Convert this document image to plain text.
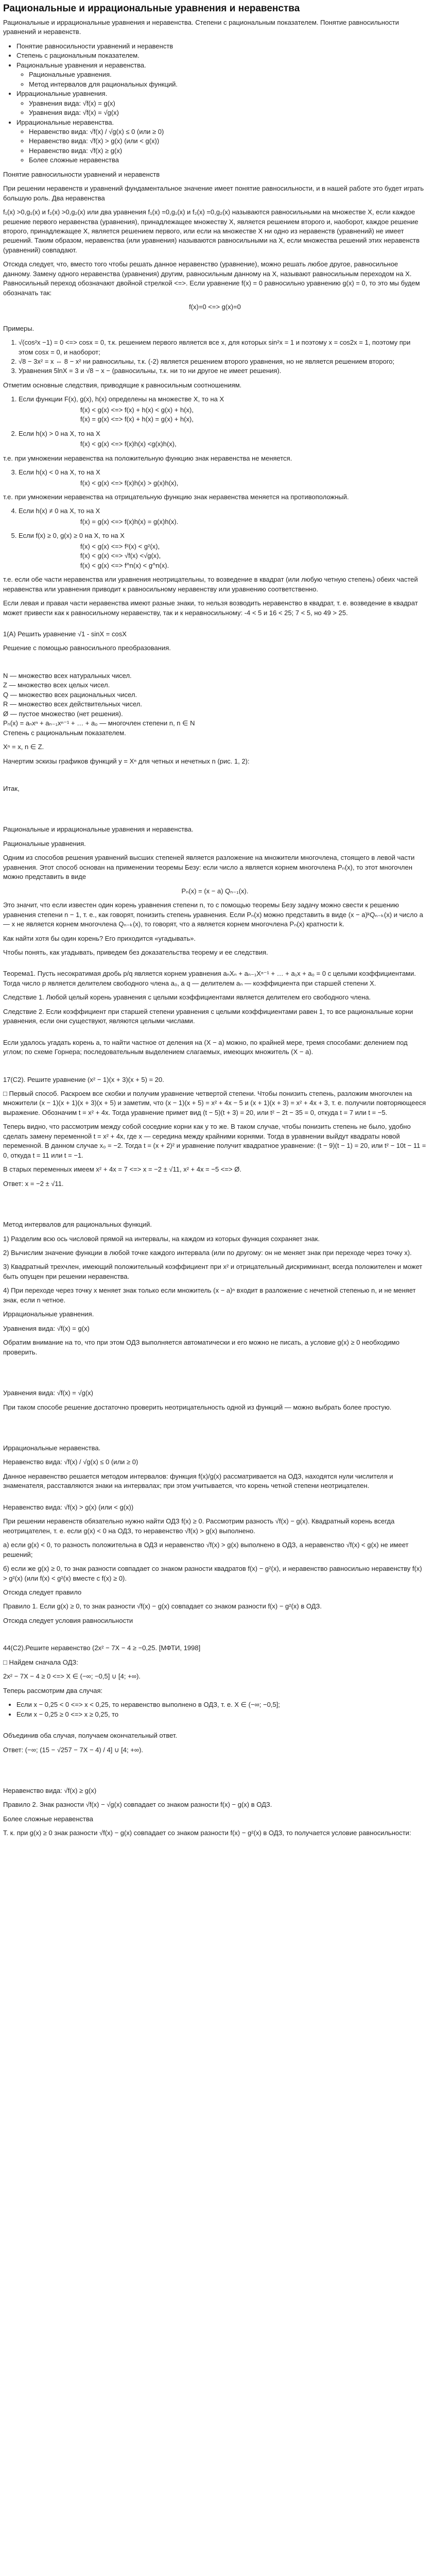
Рациональные и иррациональные уравнения и неравенства

Рациональные и иррациональные уравнения и неравенства. Степени с рациональным показателем. Понятие равносильности уравнений и неравенств.

• Понятие равносильности уравнений и неравенств
• Степень с рациональным показателем.
• Рациональные уравнения и неравенства.
◦ Рациональные уравнения.
◦ Метод интервалов для рациональных функций.
• Иррациональные уравнения.
◦ Уравнения вида: √f(x) = g(x)
◦ Уравнения вида: √f(x) = √g(x)
• Иррациональные неравенства.
◦ Неравенство вида: √f(x) / √g(x) ≤ 0 (или ≥ 0)
◦ Неравенство вида: √f(x) > g(x) (или < g(x))
◦ Неравенство вида: √f(x) ≥ g(x)
◦ Более сложные неравенства

Понятие равносильности уравнений и неравенств

При решении неравенств и уравнений фундаментальное значение имеет понятие равносильности, и в нашей работе это будет играть большую роль. Два неравенства

f₁(x) >0,g₁(x) и f₂(x) >0,g₂(x) или два уравнения f₁(x) =0,g₁(x) и f₂(x) =0,g₂(x) называются равносильными на множестве X, если каждое решение первого неравенства (уравнения), принадлежащее множеству X, является решением второго и, наоборот, каждое решение второго, принадлежащее X, является решением первого, или если на множестве X ни одно из неравенств (уравнений) не имеет решений. Таким образом, неравенства (или уравнения) называются равносильными на X, если множества решений этих неравенств (уравнений) совпадают.

Отсюда следует, что, вместо того чтобы решать данное неравенство (уравнение), можно решать любое другое, равносильное данному. Замену одного неравенства (уравнения) другим, равносильным данному на X, называют равносильным переходом на X. Равносильный переход обозначают двойной стрелкой <=>. Если уравнение f(x) = 0 равносильно уравнению g(x) = 0, то это мы будем обозначать так:

f(x)=0 <=> g(x)=0

Примеры.

1. √(cos²x −1) = 0 <=> cosx = 0, т.к. решением первого является все x, для которых sin²x = 1 и поэтому x = cos2x = 1, поэтому при этом cosx = 0, и наоборот;
2. √8 − 3x² = x ⇔ 8 − x² ни равносильны, т.к. (-2) является решением второго уравнения, но не является решением второго;
3. Уравнения 5lnX = 3 и √8 − x − (равносильны, т.к. ни то ни другое не имеет решения).

Отметим основные следствия, приводящие к равносильным соотношениям.

1. Если функции F(x), g(x), h(x) определены на множестве X, то на X
f(x) < g(x) <=> f(x) + h(x) < g(x) + h(x),
f(x) = g(x) <=> f(x) + h(x) = g(x) + h(x),
2. Если h(x) > 0 на X, то на X
f(x) < g(x) <=> f(x)h(x) <g(x)h(x),

т.е. при умножении неравенства на положительную функцию знак неравенства не меняется.

3. Если h(x) < 0 на X, то на X
f(x) < g(x) <=> f(x)h(x) > g(x)h(x),

т.е. при умножении неравенства на отрицательную функцию знак неравенства меняется на противоположный.

4. Если h(x) ≠ 0 на X, то на X
f(x) = g(x) <=> f(x)h(x) = g(x)h(x).
5. Если f(x) ≥ 0, g(x) ≥ 0 на X, то на X
f(x) < g(x) <=> f²(x) < g²(x),
f(x) < g(x) <=> √f(x) <√g(x),
f(x) < g(x) <=> f^n(x) < g^n(x).

т.е. если обе части неравенства или уравнения неотрицательны, то возведение в квадрат (или любую четную степень) обеих частей неравенства или уравнения приводит к равносильному неравенству или уравнению соответственно.

Если левая и правая части неравенства имеют разные знаки, то нельзя возводить неравенство в квадрат, т. е. возведение в квадрат может привести как к равносильному неравенству, так и к неравносильному: -4 < 5 и 16 < 25; 7 < 5, но 49 > 25.

1(А) Решить уравнение √1 - sinX = cosX

Решение с помощью равносильного преобразования.

N — множество всех натуральных чисел.
Z — множество всех целых чисел.
Q — множество всех рациональных чисел.
R — множество всех действительных чисел.
Ø — пустое множество (нет решения).
Pₙ(x) = aₙxⁿ + aₙ₋₁xⁿ⁻¹ + … + a₀ — многочлен степени n, n ∈ N

Степень с рациональным показателем.

Xⁿ = x, n ∈ Z.

Начертим эскизы графиков функций y = Xⁿ для четных и нечетных n (рис. 1, 2):

Итак,

Рациональные и иррациональные уравнения и неравенства.

Рациональные уравнения.

Одним из способов решения уравнений высших степеней является разложение на множители многочлена, стоящего в левой части уравнения. Этот способ основан на применении теоремы Безу: если число a является корнем многочлена Pₙ(x), то этот многочлен можно представить в виде

Pₙ(x) = (x − a) Qₙ₋₁(x).

Это значит, что если известен один корень уравнения степени n, то с помощью теоремы Безу задачу можно свести к решению уравнения степени n − 1, т. е., как говорят, понизить степень уравнения. Если Pₙ(x) можно представить в виде (x − a)ᵏQₙ₋ₖ(x) и число a — x не является корнем многочлена Qₙ₋ₖ(x), то говорят, что a является корнем многочлена Pₙ(x) кратности k.

Как найти хотя бы один корень? Его приходится «угадывать».

Чтобы понять, как угадывать, приведем без доказательства теорему и ее следствия.

Теорема1. Пусть несократимая дробь p/q является корнем уравнения aₙXₙ + aₙ₋₁Xⁿ⁻¹ + … + a₁x + a₀ = 0 с целыми коэффициентами. Тогда число p является делителем свободного члена a₀, а q — делителем aₙ — коэффициента при старшей степени X.

Следствие 1. Любой целый корень уравнения с целыми коэффициентами является делителем его свободного члена.

Следствие 2. Если коэффициент при старшей степени уравнения с целыми коэффициентами равен 1, то все рациональные корни уравнения, если они существуют, являются целыми числами.

Если удалось угадать корень a, то найти частное от деления на (X − a) можно, по крайней мере, тремя способами: делением под углом; по схеме Горнера; последовательным выделением слагаемых, имеющих множитель (X − a).

17(С2). Решите уравнение (x² − 1)(x + 3)(x + 5) = 20.

□ Первый способ. Раскроем все скобки и получим уравнение четвертой степени. Чтобы понизить степень, разложим многочлен на множители (x − 1)(x + 1)(x + 3)(x + 5) и заметим, что (x − 1)(x + 5) = x² + 4x − 5 и (x + 1)(x + 3) = x² + 4x + 3, т. е. получили повторяющееся выражение. Обозначим t = x² + 4x. Тогда уравнение примет вид (t − 5)(t + 3) = 20, или t² − 2t − 35 = 0, откуда t = 7 или t = −5.

Теперь видно, что рассмотрим между собой соседние корни как у то же. В таком случае, чтобы понизить степень не было, удобно сделать замену переменной t = x² + 4x, где x — середина между крайними корнями. Тогда в уравнении выйдут квадраты новой переменной. В данном случае x₀ = −2. Тогда t = (x + 2)² и уравнение получит квадратное уравнение: (t − 9)(t − 1) = 20, или t² − 10t − 11 = 0, откуда t = 11 или t = −1.

В старых переменных имеем x² + 4x = 7 <=> x = −2 ± √11, x² + 4x = −5 <=> Ø.

Ответ: x = −2 ± √11.

Метод интервалов для рациональных функций.

1) Разделим всю ось числовой прямой на интервалы, на каждом из которых функция сохраняет знак.

2) Вычислим значение функции в любой точке каждого интервала (или по другому: он не меняет знак при переходе через точку x).

3) Квадратный трехчлен, имеющий положительный коэффициент при x² и отрицательный дискриминант, всегда положителен и может быть опущен при решении неравенства.

4) При переходе через точку x меняет знак только если множитель (x − a)ⁿ входит в разложение с нечетной степенью n, и не меняет знак, если n четное.

Иррациональные уравнения.

Уравнения вида: √f(x) = g(x)

Обратим внимание на то, что при этом ОДЗ выполняется автоматически и его можно не писать, а условие g(x) ≥ 0 необходимо проверить.

Уравнения вида: √f(x) = √g(x)

При таком способе решение достаточно проверить неотрицательность одной из функций — можно выбрать более простую.

Иррациональные неравенства.

Неравенство вида: √f(x) / √g(x) ≤ 0 (или ≥ 0)

Данное неравенство решается методом интервалов: функция f(x)/g(x) рассматривается на ОДЗ, находятся нули числителя и знаменателя, расставляются знаки на интервалах; при этом учитывается, что корень четной степени неотрицателен.

Неравенство вида: √f(x) > g(x) (или < g(x))

При решении неравенств обязательно нужно найти ОДЗ f(x) ≥ 0. Рассмотрим разность √f(x) − g(x). Квадратный корень всегда неотрицателен, т. е. если g(x) < 0 на ОДЗ, то неравенство √f(x) > g(x) выполнено.

а) если g(x) < 0, то разность положительна в ОДЗ и неравенство √f(x) > g(x) выполнено в ОДЗ, а неравенство √f(x) < g(x) не имеет решений;

б) если же g(x) ≥ 0, то знак разности совпадает со знаком разности квадратов f(x) − g²(x), и неравенство равносильно неравенству f(x) > g²(x) (или f(x) < g²(x) вместе с f(x) ≥ 0).

Отсюда следует правило

Правило 1. Если g(x) ≥ 0, то знак разности √f(x) − g(x) совпадает со знаком разности f(x) − g²(x) в ОДЗ.

Отсюда следует условия равносильности

44(С2).Решите неравенство (2x² − 7X − 4 ≥ −0,25. [МФТИ, 1998]

□ Найдем сначала ОДЗ:

2x² − 7X − 4 ≥ 0 <=> X ∈ (−∞; −0,5] ∪ [4; +∞).

Теперь рассмотрим два случая:

• Если x − 0,25 < 0 <=> x < 0,25, то неравенство выполнено в ОДЗ, т. е. X ∈ (−∞; −0,5];
• Если x − 0,25 ≥ 0 <=> x ≥ 0,25, то

Объединив оба случая, получаем окончательный ответ.

Ответ: (−∞; (15 − √257 − 7X − 4) / 4] ∪ [4; +∞).

Неравенство вида: √f(x) ≥ g(x)

Правило 2. Знак разности √f(x) − √g(x) совпадает со знаком разности f(x) − g(x) в ОДЗ.

Более сложные неравенства

Т. к. при g(x) ≥ 0 знак разности √f(x) − g(x) совпадает со знаком разности f(x) − g²(x) в ОДЗ, то получается условие равносильности:
